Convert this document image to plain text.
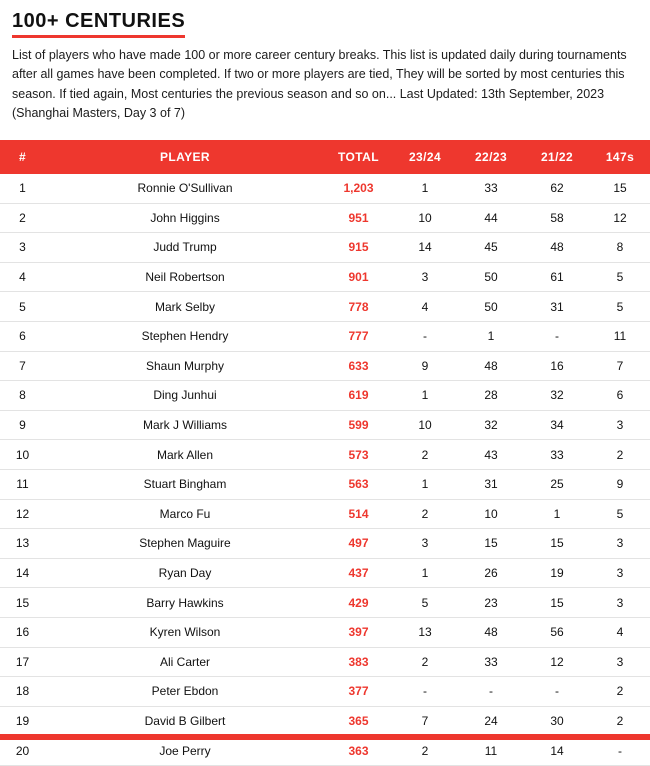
100+ CENTURIES

List of players who have made 100 or more career century breaks. This list is updated daily during tournaments after all games have been completed. If two or more players are tied, They will be sorted by most centuries this season. If tied again, Most centuries the previous season and so on... Last Updated: 13th September, 2023 (Shanghai Masters, Day 3 of 7)

#	PLAYER	TOTAL	23/24	22/23	21/22	147s
1	Ronnie O'Sullivan	1,203	1	33	62	15
2	John Higgins	951	10	44	58	12
3	Judd Trump	915	14	45	48	8
4	Neil Robertson	901	3	50	61	5
5	Mark Selby	778	4	50	31	5
6	Stephen Hendry	777	-	1	-	11
7	Shaun Murphy	633	9	48	16	7
8	Ding Junhui	619	1	28	32	6
9	Mark J Williams	599	10	32	34	3
10	Mark Allen	573	2	43	33	2
11	Stuart Bingham	563	1	31	25	9
12	Marco Fu	514	2	10	1	5
13	Stephen Maguire	497	3	15	15	3
14	Ryan Day	437	1	26	19	3
15	Barry Hawkins	429	5	23	15	3
16	Kyren Wilson	397	13	48	56	4
17	Ali Carter	383	2	33	12	3
18	Peter Ebdon	377	-	-	-	2
19	David B Gilbert	365	7	24	30	2
20	Joe Perry	363	2	11	14	-
